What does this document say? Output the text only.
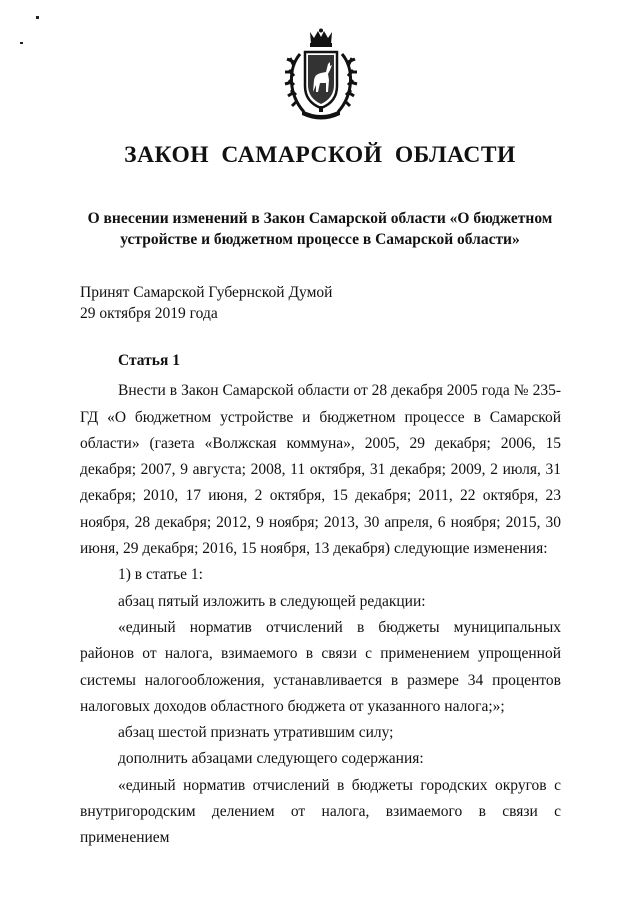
ЗАКОН САМАРСКОЙ ОБЛАСТИ
О внесении изменений в Закон Самарской области «О бюджетном
устройстве и бюджетном процессе в Самарской области»
Принят Самарской Губернской Думой
29 октября 2019 года

Статья 1

Внести в Закон Самарской области от 28 декабря 2005 года № 235-ГД «О бюджетном устройстве и бюджетном процессе в Самарской области» (газета «Волжская коммуна», 2005, 29 декабря; 2006, 15 декабря; 2007, 9 августа; 2008, 11 октября, 31 декабря; 2009, 2 июля, 31 декабря; 2010, 17 июня, 2 октября, 15 декабря; 2011, 22 октября, 23 ноября, 28 декабря; 2012, 9 ноября; 2013, 30 апреля, 6 ноября; 2015, 30 июня, 29 декабря; 2016, 15 ноября, 13 декабря) следующие изменения:

1) в статье 1:

абзац пятый изложить в следующей редакции:

«единый норматив отчислений в бюджеты муниципальных районов от налога, взимаемого в связи с применением упрощенной системы налогообложения, устанавливается в размере 34 процентов налоговых доходов областного бюджета от указанного налога;»;

абзац шестой признать утратившим силу;

дополнить абзацами следующего содержания:

«единый норматив отчислений в бюджеты городских округов с внутригородским делением от налога, взимаемого в связи с применением
